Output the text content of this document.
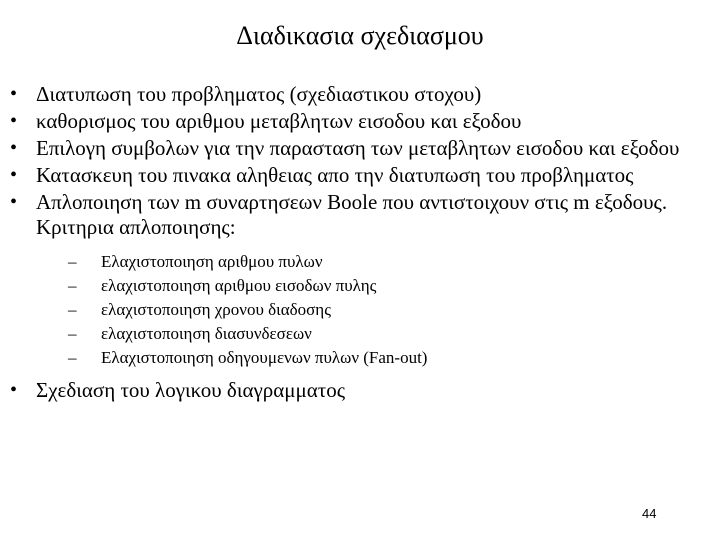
Διαδικασια σχεδιασμου
• Διατυπωση του προβληματος (σχεδιαστικου στοχου)
• καθορισμος του αριθμου μεταβλητων εισοδου και εξοδου
• Επιλογη συμβολων για την παρασταση των μεταβλητων εισοδου και εξοδου
• Κατασκευη του πινακα αληθειας απο την διατυπωση του προβληματος
• Απλοποιηση των m συναρτησεων Boole που αντιστοιχουν στις m εξοδους. Κριτηρια απλοποιησης:
– Ελαχιστοποιηση αριθμου πυλων
– ελαχιστοποιηση αριθμου εισοδων πυλης
– ελαχιστοποιηση χρονου διαδοσης
– ελαχιστοποιηση διασυνδεσεων
– Ελαχιστοποιηση οδηγουμενων πυλων (Fan-out)
• Σχεδιαση του λογικου διαγραμματος
44
